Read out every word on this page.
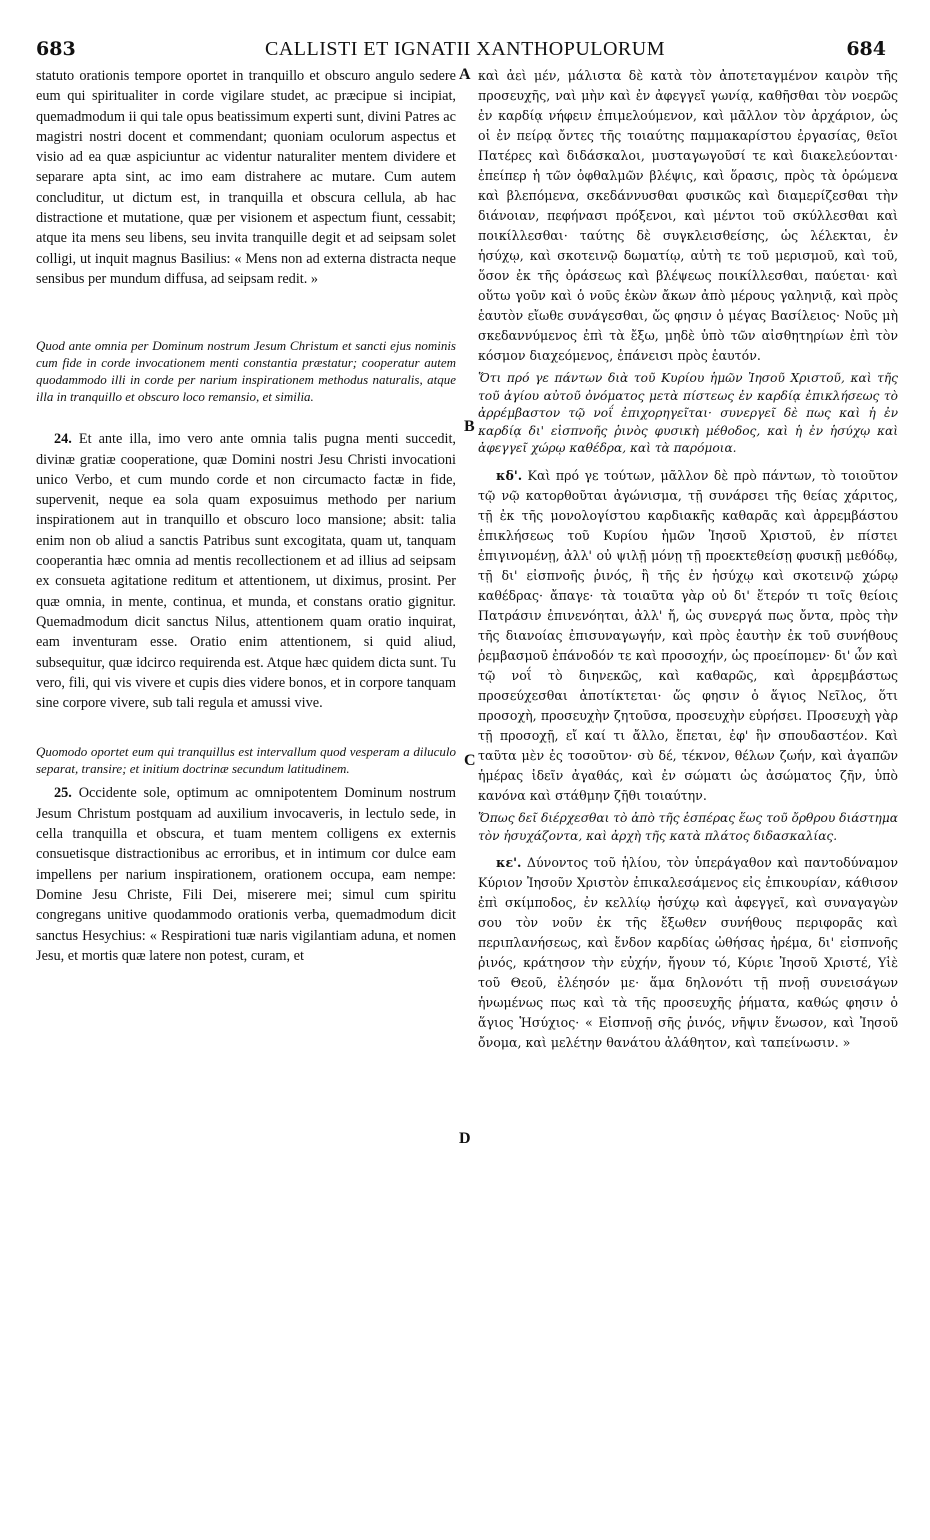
683	CALLISTI ET IGNATII XANTHOPULORUM	684
A
B
C
D

statuto orationis tempore oportet in tranquillo et obscuro angulo sedere eum qui spiritualiter in corde vigilare studet, ac præcipue si incipiat, quemadmodum ii qui tale opus beatissimum experti sunt, divini Patres ac magistri nostri docent et commendant; quoniam oculorum aspectus et visio ad ea quæ aspiciuntur ac videntur naturaliter mentem dividere et separare apta sint, ac imo eam distrahere ac mutare. Cum autem concluditur, ut dictum est, in tranquilla et obscura cellula, ab hac distractione et mutatione, quæ per visionem et aspectum fiunt, cessabit; atque ita mens seu libens, seu invita tranquille degit et ad seipsam solet colligi, ut inquit magnus Basilius: « Mens non ad externa distracta neque sensibus per mundum diffusa, ad seipsam redit. »

Quod ante omnia per Dominum nostrum Jesum Christum et sancti ejus nominis cum fide in corde invocationem menti constantia præstatur; cooperatur autem quodammodo illi in corde per narium inspirationem methodus naturalis, atque illa in tranquillo et obscuro loco remansio, et similia.

24. Et ante illa, imo vero ante omnia talis pugna menti succedit, divinæ gratiæ cooperatione, quæ Domini nostri Jesu Christi invocationi unico Verbo, et cum mundo corde et non circumacto factæ in fide, supervenit, neque ea sola quam exposuimus methodo per narium inspirationem aut in tranquillo et obscuro loco mansione; absit: talia enim non ob aliud a sanctis Patribus sunt excogitata, quam ut, tanquam cooperantia hæc omnia ad mentis recollectionem et ad illius ad seipsam ex consueta agitatione reditum et attentionem, ut diximus, prosint. Per quæ omnia, in mente, continua, et munda, et constans oratio gignitur. Quemadmodum dicit sanctus Nilus, attentionem quam oratio inquirat, eam inventuram esse. Oratio enim attentionem, si quid aliud, subsequitur, quæ idcirco requirenda est. Atque hæc quidem dicta sunt. Tu vero, fili, qui vis vivere et cupis dies videre bonos, et in corpore tanquam sine corpore vivere, sub tali regula et amussi vive.

Quomodo oportet eum qui tranquillus est intervallum quod vesperam a diluculo separat, transire; et initium doctrinæ secundum latitudinem.

25. Occidente sole, optimum ac omnipotentem Dominum nostrum Jesum Christum postquam ad auxilium invocaveris, in lectulo sede, in cella tranquilla et obscura, et tuam mentem colligens ex externis consuetisque distractionibus ac erroribus, et in intimum cor dulce eam impellens per narium inspirationem, orationem occupa, eam nempe: Domine Jesu Christe, Fili Dei, miserere mei; simul cum spiritu congregans unitive quodammodo orationis verba, quemadmodum dicit sanctus Hesychius: « Respirationi tuæ naris vigilantiam aduna, et nomen Jesu, et mortis quæ latere non potest, curam, et

καὶ ἀεὶ μέν, μάλιστα δὲ κατὰ τὸν ἀποτεταγμένον καιρὸν τῆς προσευχῆς, ναὶ μὴν καὶ ἐν ἀφεγγεῖ γωνίᾳ, καθῆσθαι τὸν νοερῶς ἐν καρδίᾳ νήφειν ἐπιμελούμενον, καὶ μᾶλλον τὸν ἀρχάριον, ὡς οἱ ἐν πείρᾳ ὄντες τῆς τοιαύτης παμμακαρίστου ἐργασίας, θεῖοι Πατέρες καὶ διδάσκαλοι, μυσταγωγοῦσί τε καὶ διακελεύονται· ἐπείπερ ἡ τῶν ὀφθαλμῶν βλέψις, καὶ ὅρασις, πρὸς τὰ ὁρώμενα καὶ βλεπόμενα, σκεδάννυσθαι φυσικῶς καὶ διαμερίζεσθαι τὴν διάνοιαν, πεφήνασι πρόξενοι, καὶ μέντοι τοῦ σκύλλεσθαι καὶ ποικίλλεσθαι· ταύτης δὲ συγκλεισθείσης, ὡς λέλεκται, ἐν ἡσύχῳ, καὶ σκοτεινῷ δωματίῳ, αὐτὴ τε τοῦ μερισμοῦ, καὶ τοῦ, ὅσον ἐκ τῆς ὁράσεως καὶ βλέψεως ποικίλλεσθαι, παύεται· καὶ οὕτω γοῦν καὶ ὁ νοῦς ἑκὼν ἄκων ἀπὸ μέρους γαληνιᾷ, καὶ πρὸς ἑαυτὸν εἴωθε συνάγεσθαι, ὥς φησιν ὁ μέγας Βασίλειος· Νοῦς μὴ σκεδαννύμενος ἐπὶ τὰ ἔξω, μηδὲ ὑπὸ τῶν αἰσθητηρίων ἐπὶ τὸν κόσμον διαχεόμενος, ἐπάνεισι πρὸς ἑαυτόν.

Ὅτι πρό γε πάντων διὰ τοῦ Κυρίου ἡμῶν Ἰησοῦ Χριστοῦ, καὶ τῆς τοῦ ἁγίου αὐτοῦ ὀνόματος μετὰ πίστεως ἐν καρδίᾳ ἐπικλήσεως τὸ ἀρρέμβαστον τῷ νοΐ ἐπιχορηγεῖται· συνεργεῖ δὲ πως καὶ ἡ ἐν καρδίᾳ δι' εἰσπνοῆς ῥινὸς φυσικὴ μέθοδος, καὶ ἡ ἐν ἡσύχῳ καὶ ἀφεγγεῖ χώρῳ καθέδρα, καὶ τὰ παρόμοια.

κδ'. Καὶ πρό γε τούτων, μᾶλλον δὲ πρὸ πάντων, τὸ τοιοῦτον τῷ νῷ κατορθοῦται ἀγώνισμα, τῇ συνάρσει τῆς θείας χάριτος, τῇ ἐκ τῆς μονολογίστου καρδιακῆς καθαρᾶς καὶ ἀρρεμβάστου ἐπικλήσεως τοῦ Κυρίου ἡμῶν Ἰησοῦ Χριστοῦ, ἐν πίστει ἐπιγινομένῃ, ἀλλ' οὐ ψιλῇ μόνῃ τῇ προεκτεθείσῃ φυσικῇ μεθόδῳ, τῇ δι' εἰσπνοῆς ῥινός, ἢ τῆς ἐν ἡσύχῳ καὶ σκοτεινῷ χώρῳ καθέδρας· ἄπαγε· τὰ τοιαῦτα γὰρ οὐ δι' ἕτερόν τι τοῖς θείοις Πατράσιν ἐπινενόηται, ἀλλ' ἤ, ὡς συνεργά πως ὄντα, πρὸς τὴν τῆς διανοίας ἐπισυναγωγήν, καὶ πρὸς ἑαυτὴν ἐκ τοῦ συνήθους ῥεμβασμοῦ ἐπάνοδόν τε καὶ προσοχήν, ὡς προείπομεν· δι' ὧν καὶ τῷ νοΐ τὸ διηνεκῶς, καὶ καθαρῶς, καὶ ἀρρεμβάστως προσεύχεσθαι ἀποτίκτεται· ὥς φησιν ὁ ἅγιος Νεῖλος, ὅτι προσοχὴ, προσευχὴν ζητοῦσα, προσευχὴν εὑρήσει. Προσευχὴ γὰρ τῇ προσοχῇ, εἴ καί τι ἄλλο, ἕπεται, ἐφ' ἣν σπουδαστέον. Καὶ ταῦτα μὲν ἐς τοσοῦτον· σὺ δέ, τέκνον, θέλων ζωήν, καὶ ἀγαπῶν ἡμέρας ἰδεῖν ἀγαθάς, καὶ ἐν σώματι ὡς ἀσώματος ζῆν, ὑπὸ κανόνα καὶ στάθμην ζῆθι τοιαύτην.

Ὅπως δεῖ διέρχεσθαι τὸ ἀπὸ τῆς ἑσπέρας ἕως τοῦ ὄρθρου διάστημα τὸν ἡσυχάζοντα, καὶ ἀρχὴ τῆς κατὰ πλάτος διδασκαλίας.

κε'. Δύνοντος τοῦ ἡλίου, τὸν ὑπεράγαθον καὶ παντοδύναμον Κύριον Ἰησοῦν Χριστὸν ἐπικαλεσάμενος εἰς ἐπικουρίαν, κάθισον ἐπὶ σκίμποδος, ἐν κελλίῳ ἡσύχῳ καὶ ἀφεγγεῖ, καὶ συναγαγὼν σου τὸν νοῦν ἐκ τῆς ἔξωθεν συνήθους περιφορᾶς καὶ περιπλανήσεως, καὶ ἔνδον καρδίας ὠθήσας ἠρέμα, δι' εἰσπνοῆς ῥινός, κράτησον τὴν εὐχήν, ἤγουν τό, Κύριε Ἰησοῦ Χριστέ, Υἱὲ τοῦ Θεοῦ, ἐλέησόν με· ἅμα δηλονότι τῇ πνοῇ συνεισάγων ἡνωμένως πως καὶ τὰ τῆς προσευχῆς ῥήματα, καθώς φησιν ὁ ἅγιος Ἡσύχιος· « Εἰσπνοῇ σῆς ῥινός, νῆψιν ἕνωσον, καὶ Ἰησοῦ ὄνομα, καὶ μελέτην θανάτου ἀλάθητον, καὶ ταπείνωσιν. »
